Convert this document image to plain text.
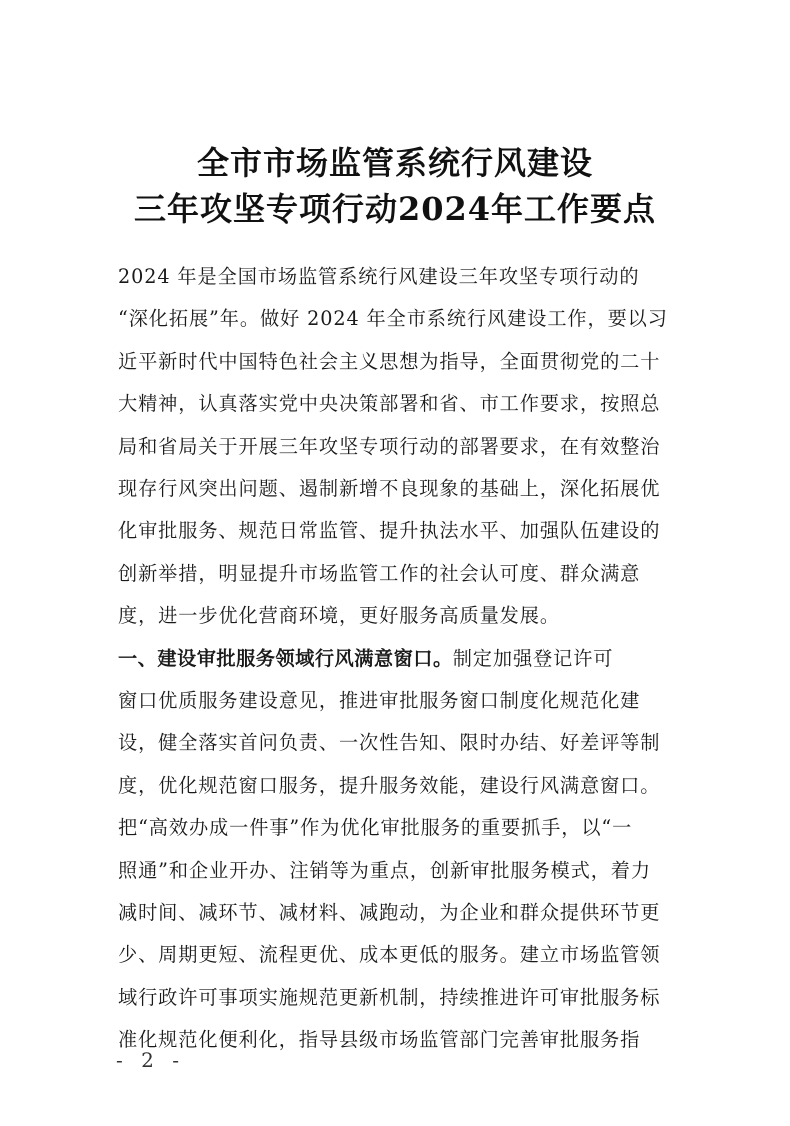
全市市场监管系统行风建设
三年攻坚专项行动2024年工作要点
2024 年是全国市场监管系统行风建设三年攻坚专项行动的
“深化拓展”年。做好 2024 年全市系统行风建设工作，要以习
近平新时代中国特色社会主义思想为指导，全面贯彻党的二十
大精神，认真落实党中央决策部署和省、市工作要求，按照总
局和省局关于开展三年攻坚专项行动的部署要求，在有效整治
现存行风突出问题、遏制新增不良现象的基础上，深化拓展优
化审批服务、规范日常监管、提升执法水平、加强队伍建设的
创新举措，明显提升市场监管工作的社会认可度、群众满意
度，进一步优化营商环境，更好服务高质量发展。
一、建设审批服务领域行风满意窗口。制定加强登记许可
窗口优质服务建设意见，推进审批服务窗口制度化规范化建
设，健全落实首问负责、一次性告知、限时办结、好差评等制
度，优化规范窗口服务，提升服务效能，建设行风满意窗口。
把“高效办成一件事”作为优化审批服务的重要抓手，以“一
照通”和企业开办、注销等为重点，创新审批服务模式，着力
减时间、减环节、减材料、减跑动，为企业和群众提供环节更
少、周期更短、流程更优、成本更低的服务。建立市场监管领
域行政许可事项实施规范更新机制，持续推进许可审批服务标
准化规范化便利化，指导县级市场监管部门完善审批服务指
- 2 -
